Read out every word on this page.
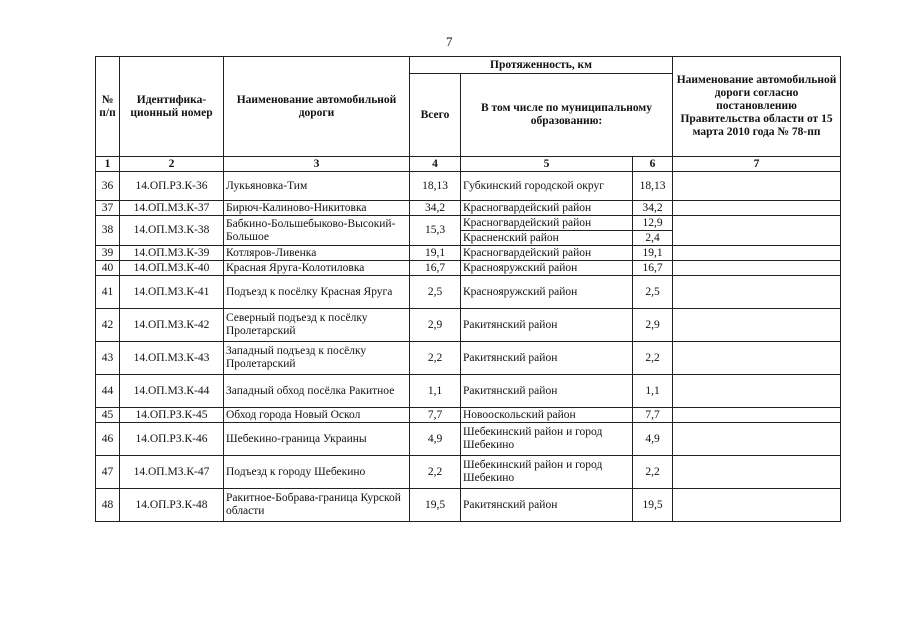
7
№ п/п	Идентифика-ционный номер	Наименование автомобильной дороги	Протяженность, км			Наименование автомобильной дороги согласно постановлению Правительства области от 15 марта 2010 года № 78-пп
			Всего	В том числе по муниципальному образованию:		
1	2	3	4	5	6	7
36	14.ОП.РЗ.К-36	Лукьяновка-Тим	18,13	Губкинский городской округ	18,13	
37	14.ОП.МЗ.К-37	Бирюч-Калиново-Никитовка	34,2	Красногвардейский район	34,2	
38	14.ОП.МЗ.К-38	Бабкино-Большебыково-Высокий-Большое	15,3	Красногвардейский район	12,9	
				Красненский район	2,4	
39	14.ОП.МЗ.К-39	Котляров-Ливенка	19,1	Красногвардейский район	19,1	
40	14.ОП.МЗ.К-40	Красная Яруга-Колотиловка	16,7	Краснояружский район	16,7	
41	14.ОП.МЗ.К-41	Подъезд к посёлку Красная Яруга	2,5	Краснояружский район	2,5	
42	14.ОП.МЗ.К-42	Северный подъезд к посёлку Пролетарский	2,9	Ракитянский район	2,9	
43	14.ОП.МЗ.К-43	Западный подъезд к посёлку Пролетарский	2,2	Ракитянский район	2,2	
44	14.ОП.МЗ.К-44	Западный обход посёлка Ракитное	1,1	Ракитянский район	1,1	
45	14.ОП.РЗ.К-45	Обход города Новый Оскол	7,7	Новооскольский район	7,7	
46	14.ОП.РЗ.К-46	Шебекино-граница Украины	4,9	Шебекинский район и город Шебекино	4,9	
47	14.ОП.МЗ.К-47	Подъезд к городу Шебекино	2,2	Шебекинский район и город Шебекино	2,2	
48	14.ОП.РЗ.К-48	Ракитное-Бобрава-граница Курской области	19,5	Ракитянский район	19,5	
